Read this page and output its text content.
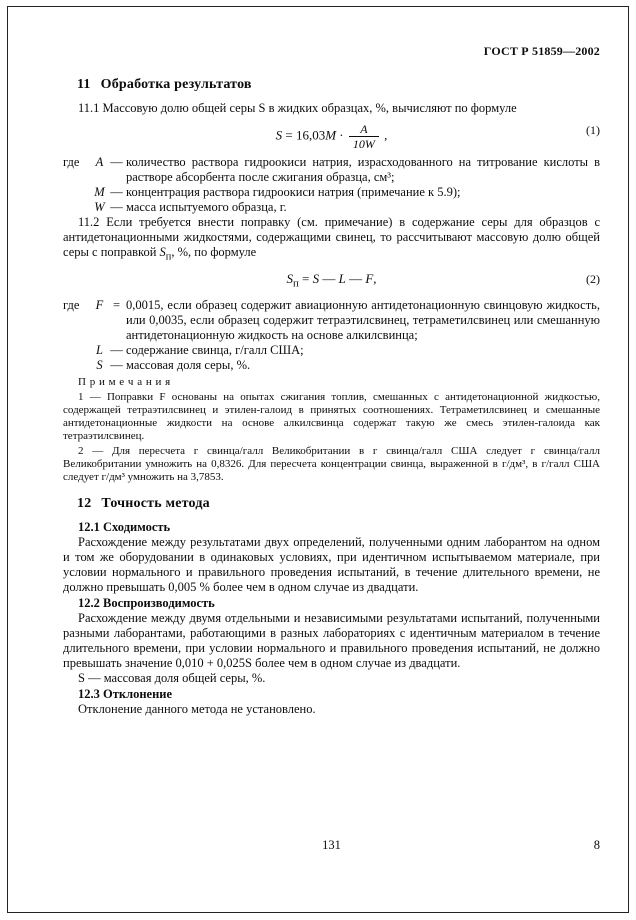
ГОСТ Р 51859—2002
11 Обработка результатов

11.1 Массовую долю общей серы S в жидких образцах, %, вычисляют по формуле

$S = 16,03M \cdot \frac{A}{10W}$ ,	(1)
где	A — количество раствора гидроокиси натрия, израсходованного на титрование кислоты в растворе абсорбента после сжигания образца, см³;
M — концентрация раствора гидроокиси натрия (примечание к 5.9);
W — масса испытуемого образца, г.

11.2 Если требуется внести поправку (см. примечание) в содержание серы для образцов с антидетонационными жидкостями, содержащими свинец, то рассчитывают массовую долю общей серы с поправкой $S_п$, %, по формуле

$S_п = S$ — L — F,	(2)
где	F = 0,0015, если образец содержит авиационную антидетонационную свинцовую жидкость, или 0,0035, если образец содержит тетраэтилсвинец, тетраметилсвинец или смешанную антидетонационную жидкость на основе алкилсвинца;
L — содержание свинца, г/галл США;
S — массовая доля серы, %.
П р и м е ч а н и я

1 — Поправки F основаны на опытах сжигания топлив, смешанных с антидетонационной жидкостью, содержащей тетраэтилсвинец и этилен-галоид в принятых соотношениях. Тетраметилсвинец и смешанные антидетонационные жидкости на основе алкилсвинца содержат такую же смесь этилен-галоида как тетраэтилсвинец.

2 — Для пересчета г свинца/галл Великобритании в г свинца/галл США следует г свинца/галл Великобритании умножить на 0,8326. Для пересчета концентрации свинца, выраженной в г/дм³, в г/галл США следует г/дм³ умножить на 3,7853.

12 Точность метода
12.1 Сходимость

Расхождение между результатами двух определений, полученными одним лаборантом на одном и том же оборудовании в одинаковых условиях, при идентичном испытываемом материале, при условии нормального и правильного проведения испытаний, в течение длительного времени, не должно превышать 0,005 % более чем в одном случае из двадцати.

12.2 Воспроизводимость

Расхождение между двумя отдельными и независимыми результатами испытаний, полученными разными лаборантами, работающими в разных лабораториях с идентичным материалом в течение длительного времени, при условии нормального и правильного проведения испытаний, не должно превышать значение 0,010 + 0,025S более чем в одном случае из двадцати.

S — массовая доля общей серы, %.

12.3 Отклонение

Отклонение данного метода не установлено.

131	8
